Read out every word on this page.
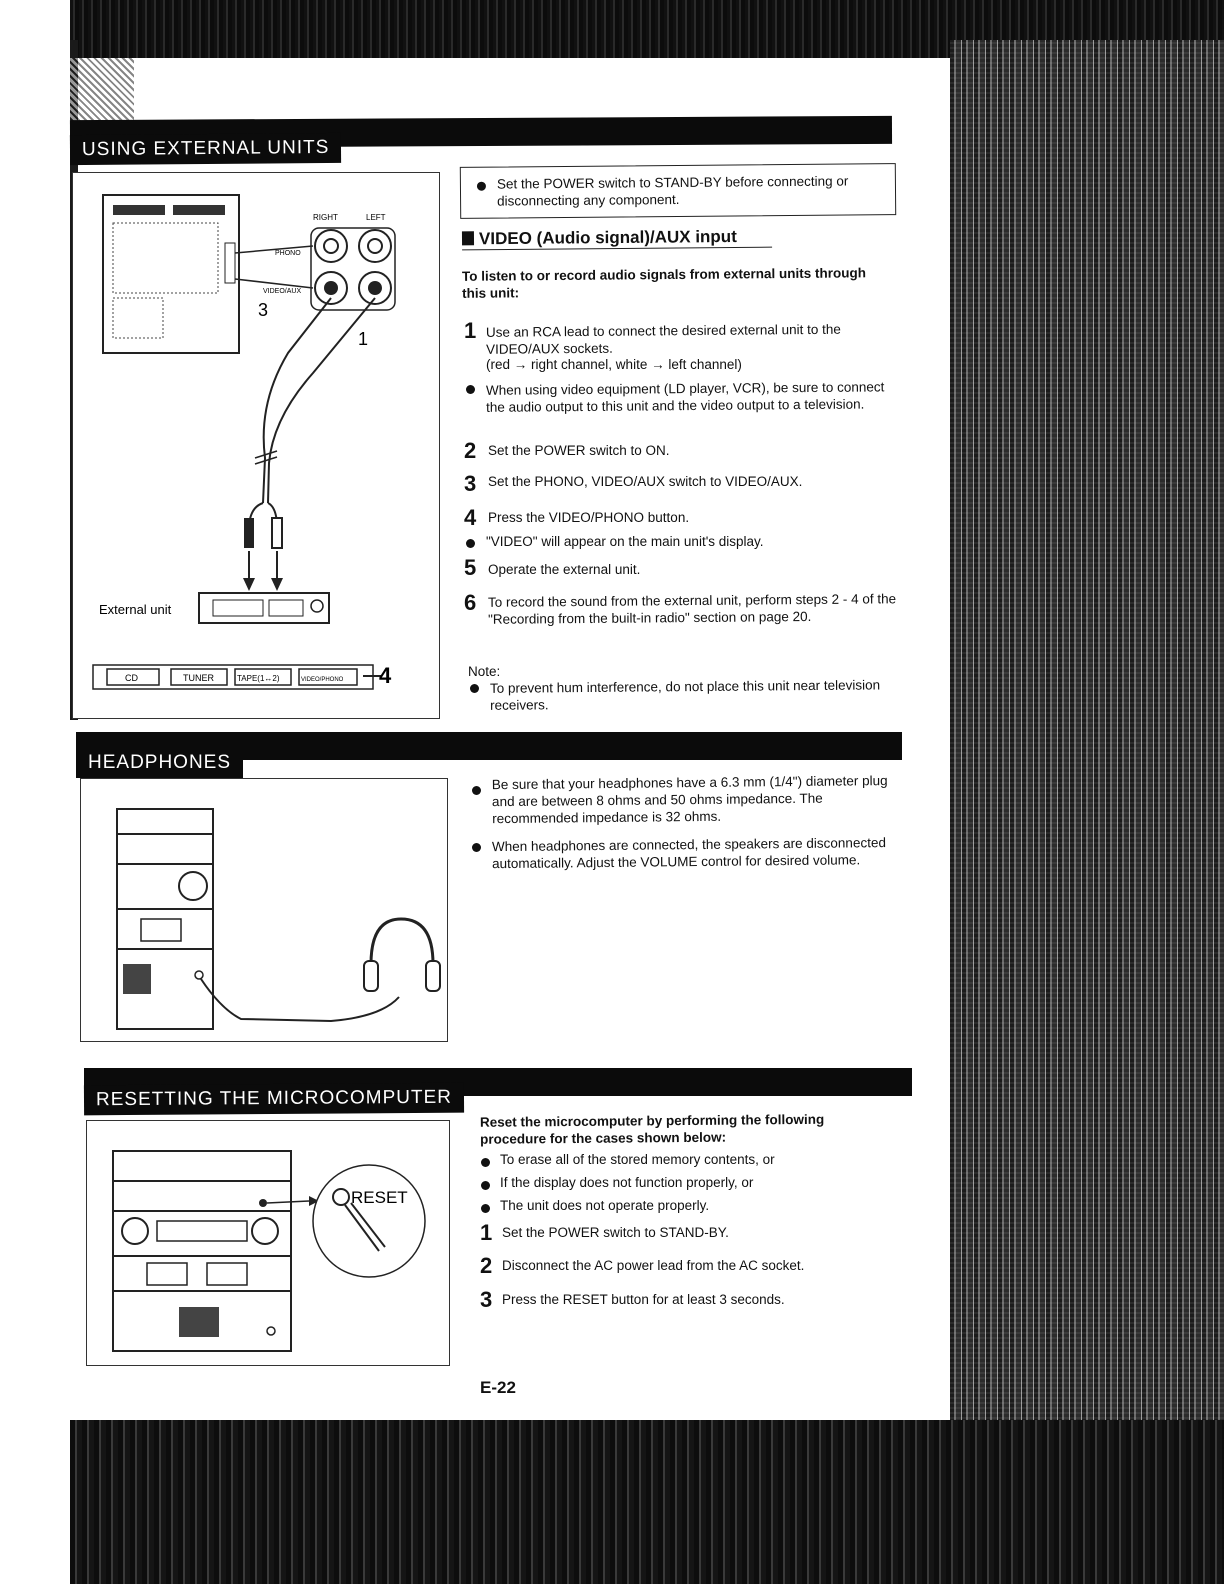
USING EXTERNAL UNITS
RIGHT	LEFT
PHONO
VIDEO/AUX
3
1
External unit
CD	TUNER	TAPE(1↔2)	VIDEO/PHONO 4
Set the POWER switch to STAND-BY before connecting or disconnecting any component.
VIDEO (Audio signal)/AUX input
To listen to or record audio signals from external units through this unit:
1 Use an RCA lead to connect the desired external unit to the VIDEO/AUX sockets.
(red → right channel, white → left channel)
When using video equipment (LD player, VCR), be sure to connect the audio output to this unit and the video output to a television.
2 Set the POWER switch to ON.
3 Set the PHONO, VIDEO/AUX switch to VIDEO/AUX.
4 Press the VIDEO/PHONO button.
"VIDEO" will appear on the main unit's display.
5 Operate the external unit.
6 To record the sound from the external unit, perform steps 2 - 4 of the "Recording from the built-in radio" section on page 20.
Note:
To prevent hum interference, do not place this unit near television receivers.
HEADPHONES
Be sure that your headphones have a 6.3 mm (1/4") diameter plug and are between 8 ohms and 50 ohms impedance. The recommended impedance is 32 ohms.
When headphones are connected, the speakers are disconnected automatically. Adjust the VOLUME control for desired volume.
RESETTING THE MICROCOMPUTER
RESET
Reset the microcomputer by performing the following procedure for the cases shown below:
To erase all of the stored memory contents, or
If the display does not function properly, or
The unit does not operate properly.
1 Set the POWER switch to STAND-BY.
2 Disconnect the AC power lead from the AC socket.
3 Press the RESET button for at least 3 seconds.
E-22
